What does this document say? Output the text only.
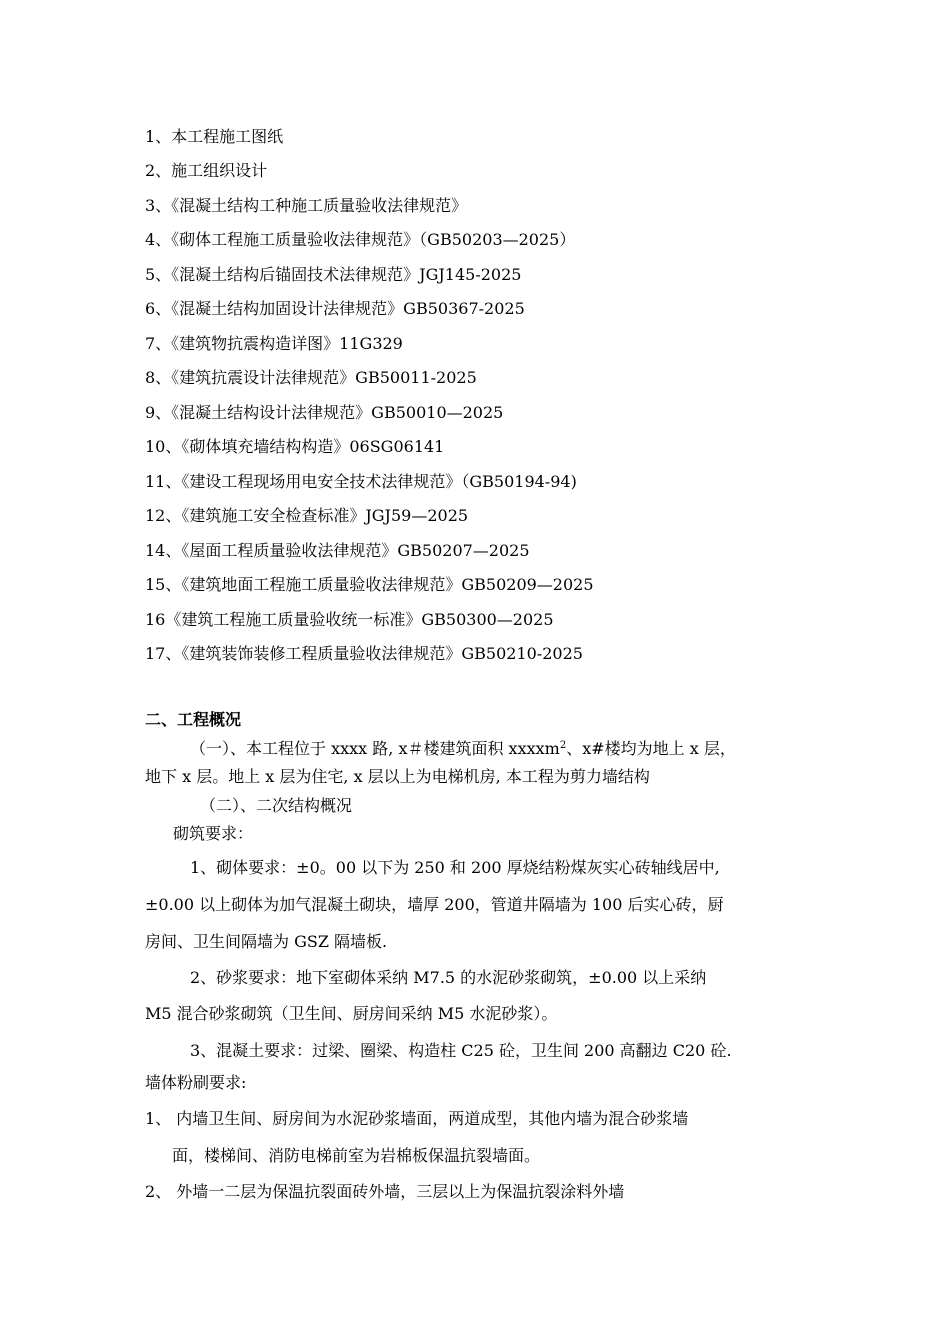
1、本工程施工图纸
2、施工组织设计
3、《混凝土结构工种施工质量验收法律规范》
4、《砌体工程施工质量验收法律规范》（GB50203—2025）
5、《混凝土结构后锚固技术法律规范》JGJ145-2025
6、《混凝土结构加固设计法律规范》GB50367-2025
7、《建筑物抗震构造详图》11G329
8、《建筑抗震设计法律规范》GB50011-2025
9、《混凝土结构设计法律规范》GB50010—2025
10、《砌体填充墙结构构造》06SG06141
11、《建设工程现场用电安全技术法律规范》（GB50194-94)
12、《建筑施工安全检查标准》JGJ59—2025
14、《屋面工程质量验收法律规范》GB50207—2025
15、《建筑地面工程施工质量验收法律规范》GB50209—2025
16《建筑工程施工质量验收统一标准》GB50300—2025
17、《建筑装饰装修工程质量验收法律规范》GB50210-2025
二、工程概况
（一）、本工程位于 xxxx 路, x＃楼建筑面积 xxxxm$^2$、x#楼均为地上 x 层，
地下 x 层。地上 x 层为住宅, x 层以上为电梯机房, 本工程为剪力墙结构
（二）、二次结构概况
砌筑要求：
1、砌体要求：±0。00 以下为 250 和 200 厚烧结粉煤灰实心砖轴线居中,
±0.00 以上砌体为加气混凝土砌块，墙厚 200，管道井隔墙为 100 后实心砖，厨
房间、卫生间隔墙为 GSZ 隔墙板.
2、砂浆要求：地下室砌体采纳 M7.5 的水泥砂浆砌筑，±0.00 以上采纳
M5 混合砂浆砌筑（卫生间、厨房间采纳 M5 水泥砂浆）。
3、混凝土要求：过梁、圈梁、构造柱 C25 砼，卫生间 200 高翻边 C20 砼.
墙体粉刷要求:
1、 内墙卫生间、厨房间为水泥砂浆墙面，两道成型，其他内墙为混合砂浆墙
面，楼梯间、消防电梯前室为岩棉板保温抗裂墙面。
2、 外墙一二层为保温抗裂面砖外墙，三层以上为保温抗裂涂料外墙
